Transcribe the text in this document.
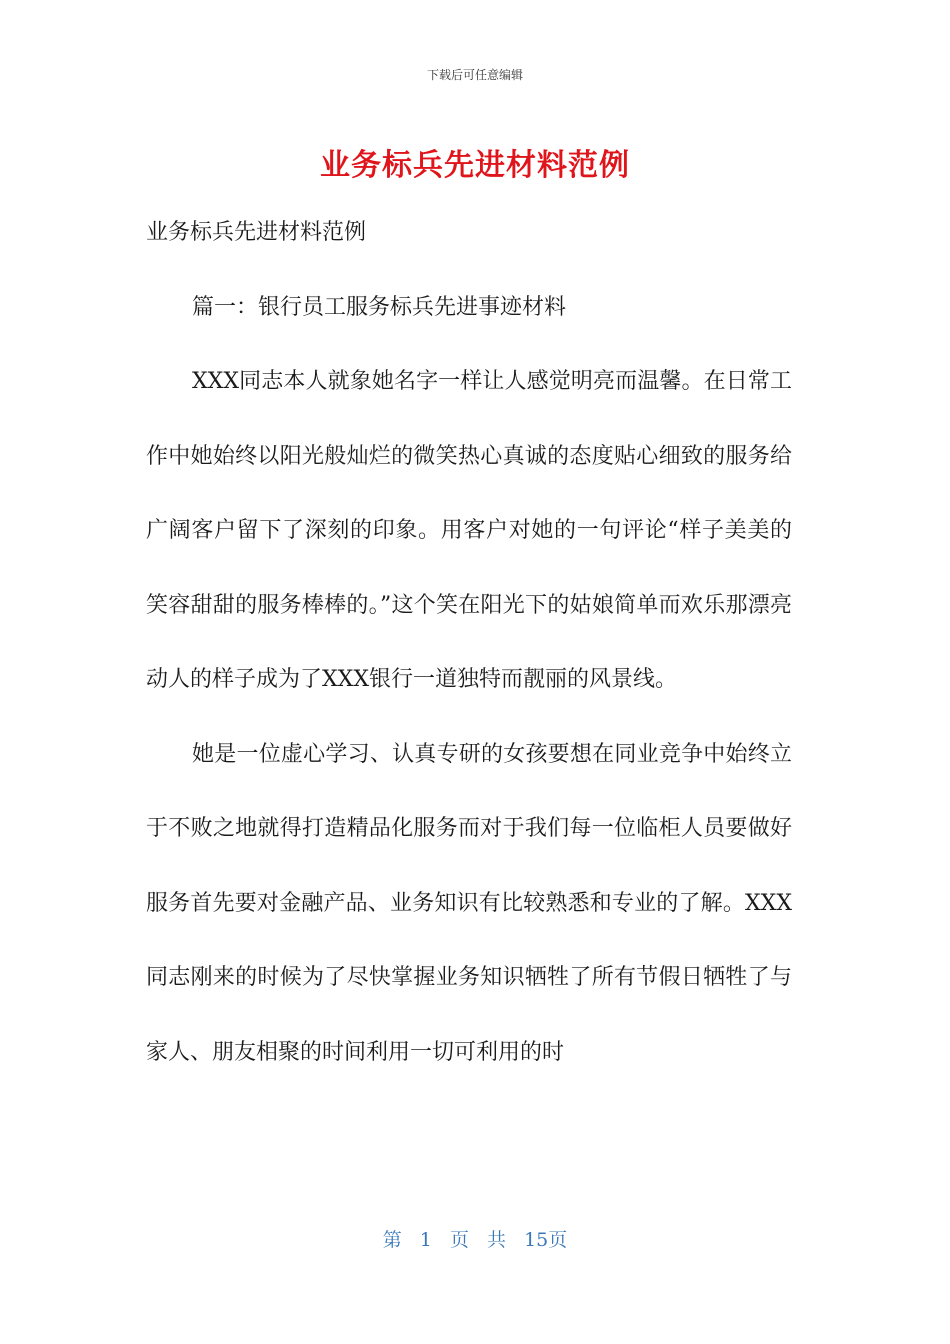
下载后可任意编辑
业务标兵先进材料范例

业务标兵先进材料范例

篇一：银行员工服务标兵先进事迹材料

XXX同志本人就象她名字一样让人感觉明亮而温馨。在日常工作中她始终以阳光般灿烂的微笑热心真诚的态度贴心细致的服务给广阔客户留下了深刻的印象。用客户对她的一句评论“样子美美的笑容甜甜的服务棒棒的。”这个笑在阳光下的姑娘简单而欢乐那漂亮动人的样子成为了XXX银行一道独特而靓丽的风景线。

她是一位虚心学习、认真专研的女孩要想在同业竞争中始终立于不败之地就得打造精品化服务而对于我们每一位临柜人员要做好服务首先要对金融产品、业务知识有比较熟悉和专业的了解。XXX同志刚来的时候为了尽快掌握业务知识牺牲了所有节假日牺牲了与家人、朋友相聚的时间利用一切可利用的时

第 1 页 共 15页
